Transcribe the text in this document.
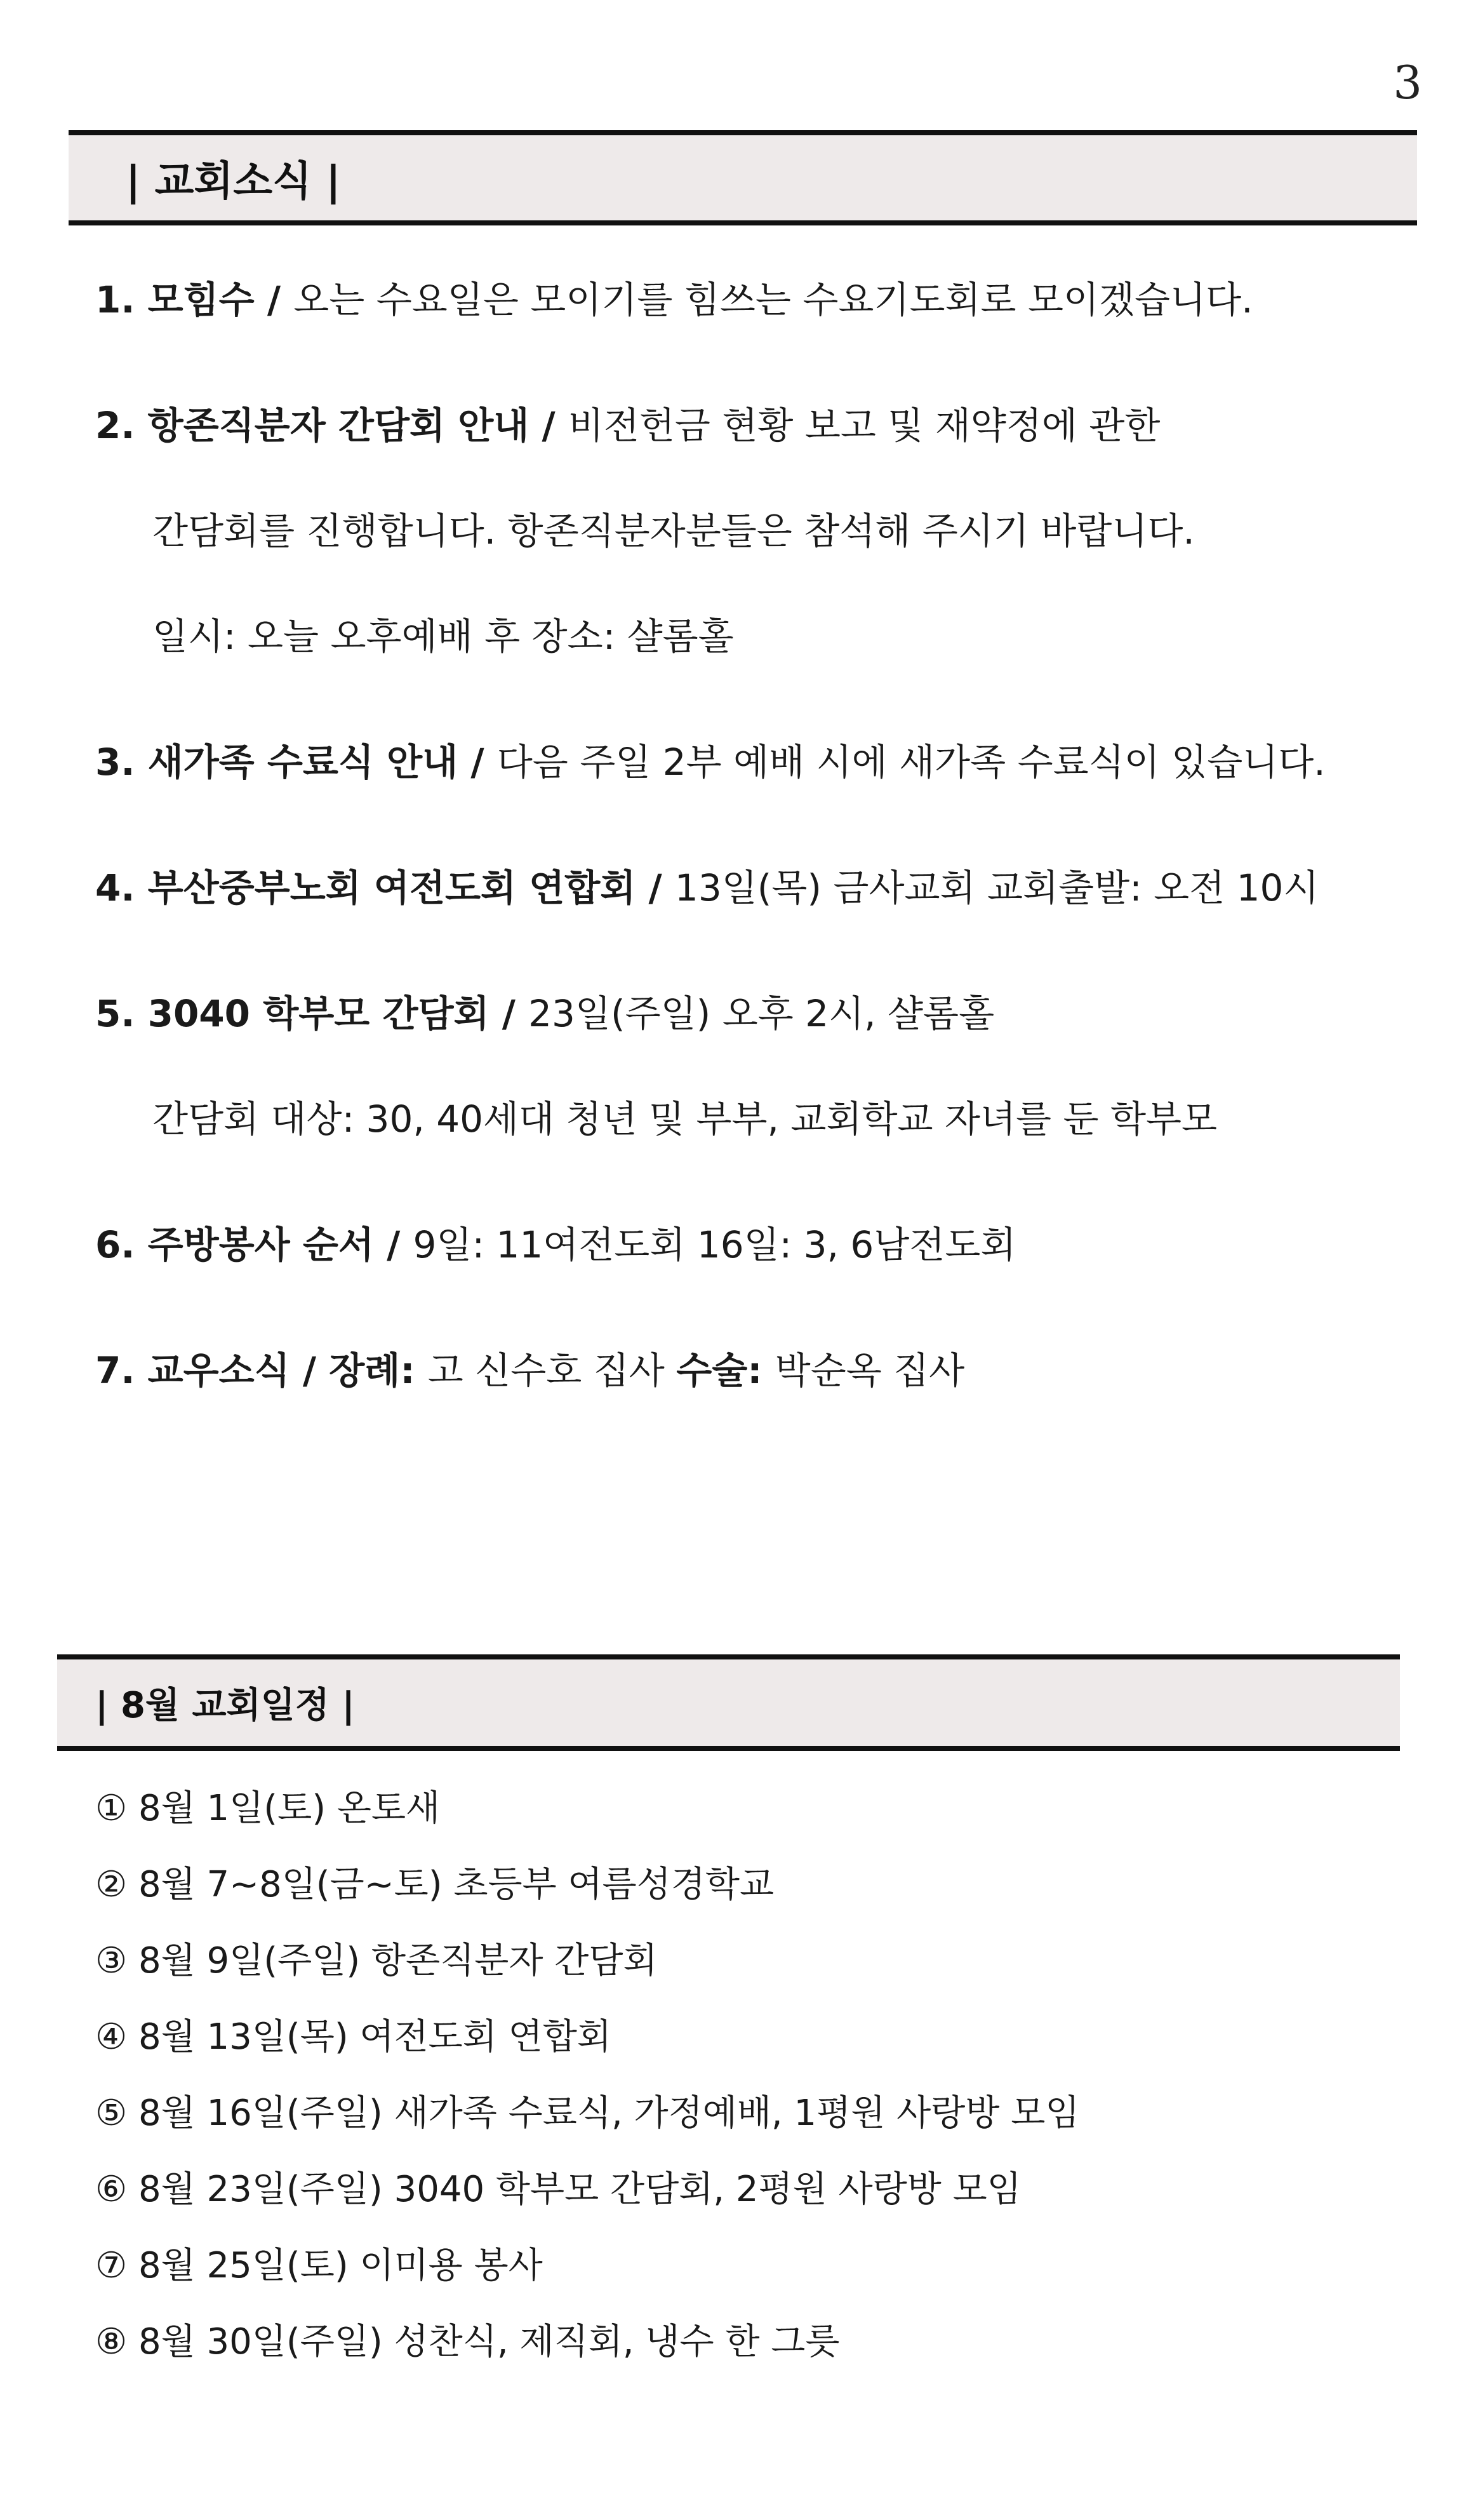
3
| 교회소식 |
1. 모힘수 / 오는 수요일은 모이기를 힘쓰는 수요기도회로 모이겠습니다.
2. 항존직분자 간담회 안내 / 비전헌금 현황 보고 및 재약정에 관한
간담회를 진행합니다. 항존직분자분들은 참석해 주시기 바랍니다.
일시: 오늘 오후예배 후 장소: 샬롬홀
3. 새가족 수료식 안내 / 다음 주일 2부 예배 시에 새가족 수료식이 있습니다.
4. 부산중부노회 여전도회 연합회 / 13일(목) 금사교회 교회출발: 오전 10시
5. 3040 학부모 간담회 / 23일(주일) 오후 2시, 샬롬홀
간담회 대상: 30, 40세대 청년 및 부부, 교회학교 자녀를 둔 학부모
6. 주방봉사 순서 / 9일: 11여전도회 16일: 3, 6남전도회
7. 교우소식 / 장례: 고 신수호 집사 수술: 박순옥 집사
| 8월 교회일정 |
① 8월 1일(토) 온토새
② 8월 7~8일(금~토) 초등부 여름성경학교
③ 8월 9일(주일) 항존직분자 간담회
④ 8월 13일(목) 여전도회 연합회
⑤ 8월 16일(주일) 새가족 수료식, 가정예배, 1평원 사랑방 모임
⑥ 8월 23일(주일) 3040 학부모 간담회, 2평원 사랑방 모임
⑦ 8월 25일(토) 이미용 봉사
⑧ 8월 30일(주일) 성찬식, 제직회, 냉수 한 그릇
